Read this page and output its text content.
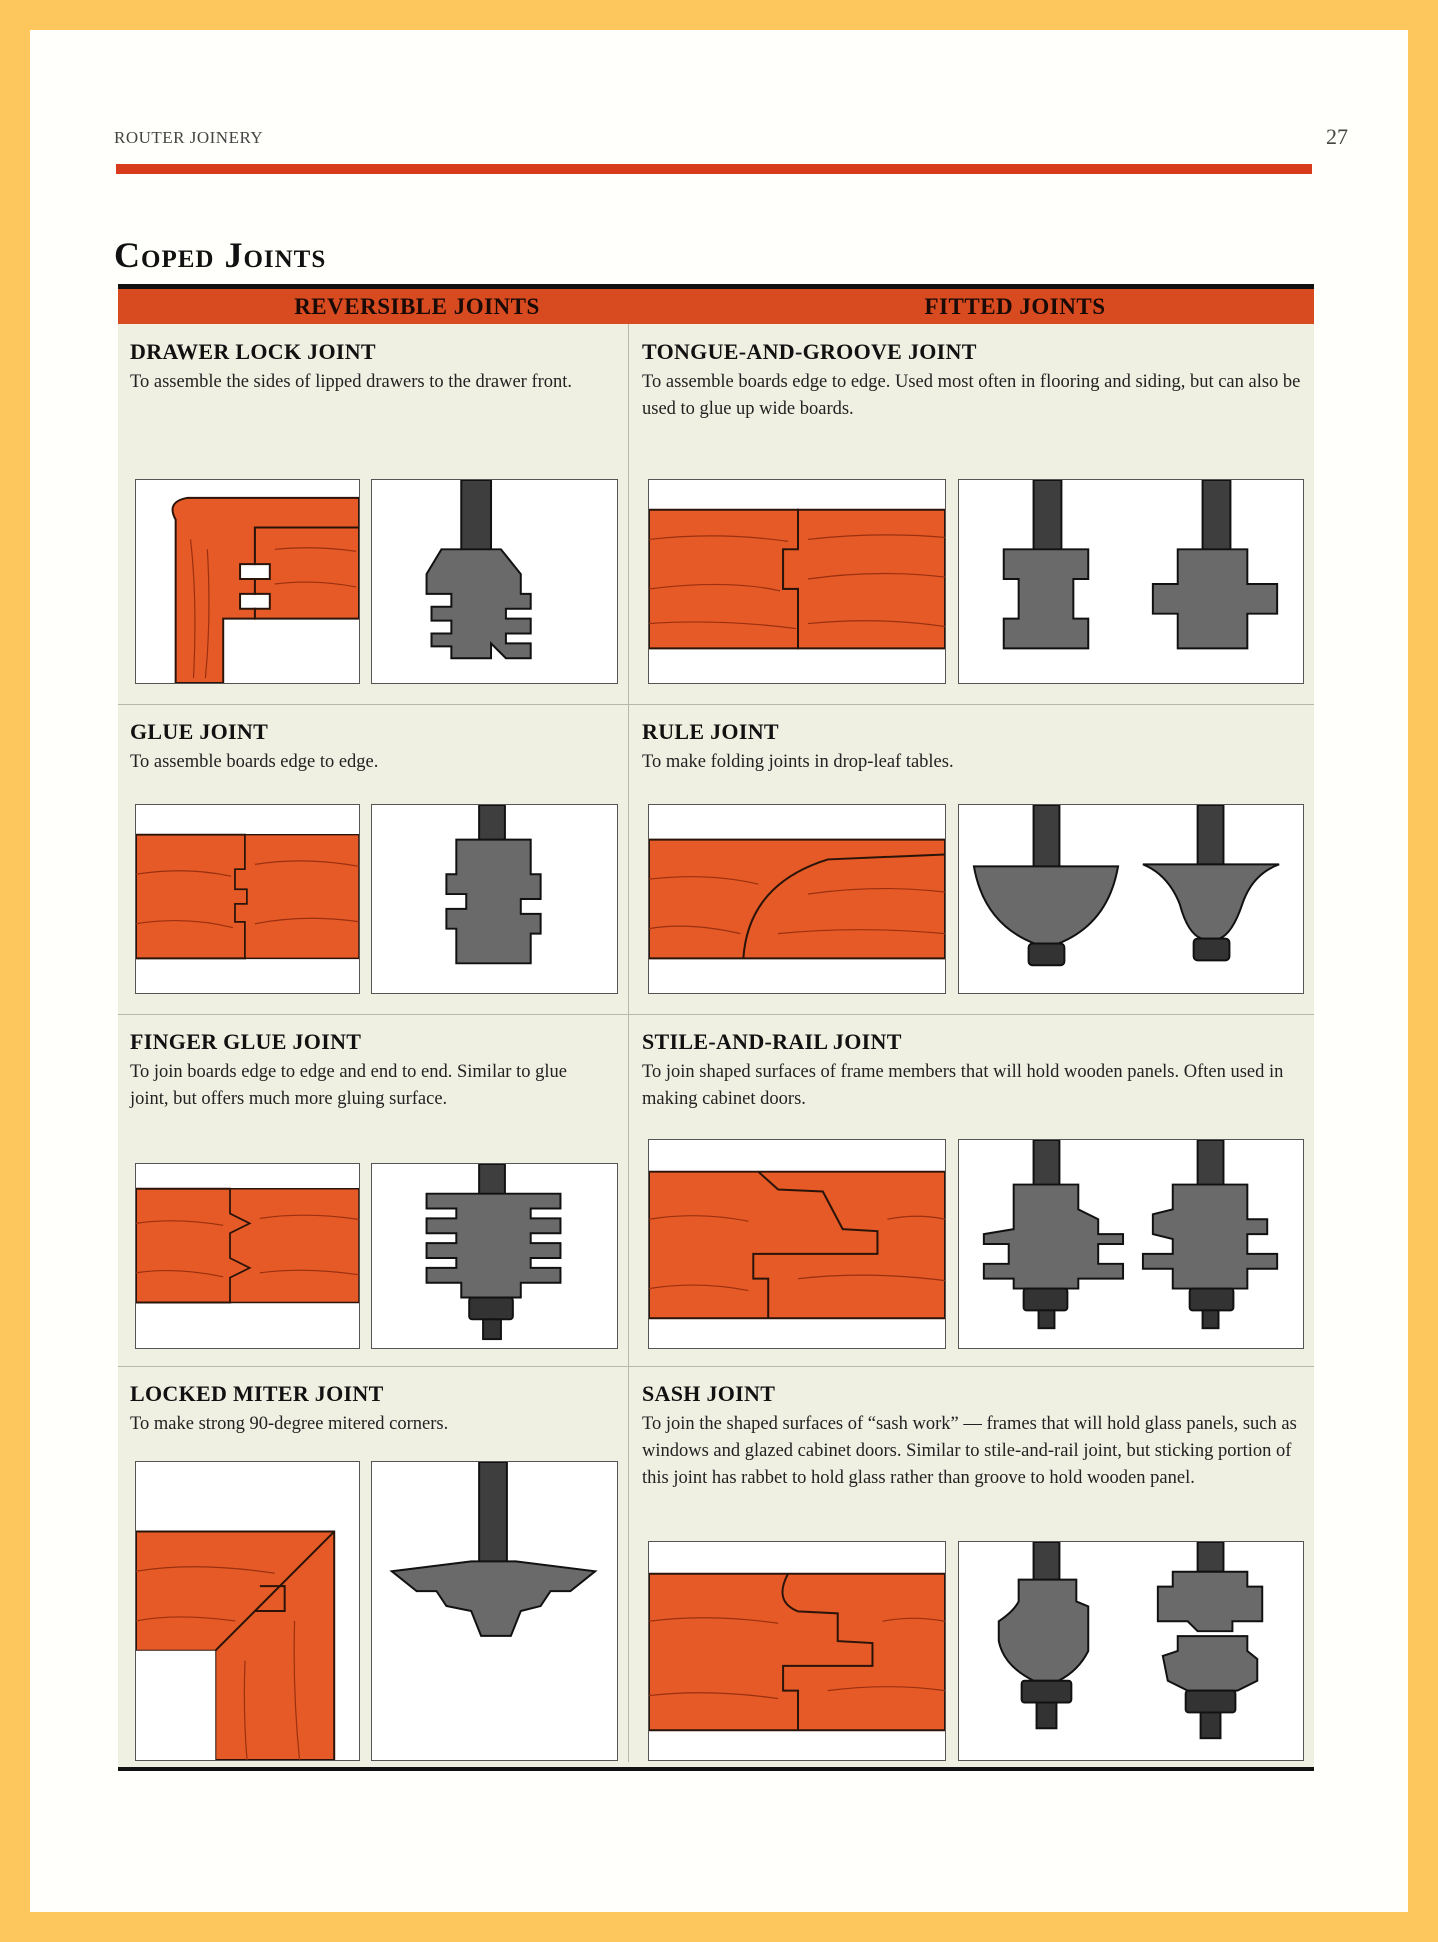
ROUTER JOINERY	27
Coped Joints
REVERSIBLE JOINTS	FITTED JOINTS
DRAWER LOCK JOINT

To assemble the sides of lipped drawers to the drawer front.

TONGUE-AND-GROOVE JOINT

To assemble boards edge to edge. Used most often in flooring and siding, but can also be used to glue up wide boards.

GLUE JOINT

To assemble boards edge to edge.

RULE JOINT

To make folding joints in drop-leaf tables.

FINGER GLUE JOINT

To join boards edge to edge and end to end. Similar to glue joint, but offers much more gluing surface.

STILE-AND-RAIL JOINT

To join shaped surfaces of frame members that will hold wooden panels. Often used in making cabinet doors.

LOCKED MITER JOINT

To make strong 90-degree mitered corners.

SASH JOINT

To join the shaped surfaces of “sash work” — frames that will hold glass panels, such as windows and glazed cabinet doors. Similar to stile-and-rail joint, but sticking portion of this joint has rabbet to hold glass rather than groove to hold wooden panel.
